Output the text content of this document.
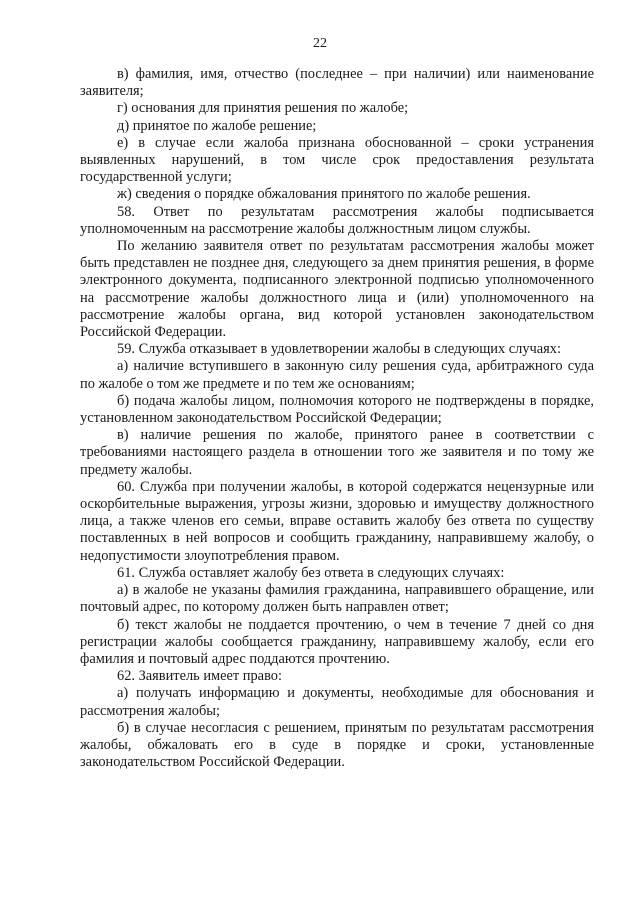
22

в) фамилия, имя, отчество (последнее – при наличии) или наименование заявителя;

г) основания для принятия решения по жалобе;

д) принятое по жалобе решение;

е) в случае если жалоба признана обоснованной – сроки устранения выявленных нарушений, в том числе срок предоставления результата государственной услуги;

ж) сведения о порядке обжалования принятого по жалобе решения.

58. Ответ по результатам рассмотрения жалобы подписывается уполномоченным на рассмотрение жалобы должностным лицом службы.

По желанию заявителя ответ по результатам рассмотрения жалобы может быть представлен не позднее дня, следующего за днем принятия решения, в форме электронного документа, подписанного электронной подписью уполномоченного на рассмотрение жалобы должностного лица и (или) уполномоченного на рассмотрение жалобы органа, вид которой установлен законодательством Российской Федерации.

59. Служба отказывает в удовлетворении жалобы в следующих случаях:

а) наличие вступившего в законную силу решения суда, арбитражного суда по жалобе о том же предмете и по тем же основаниям;

б) подача жалобы лицом, полномочия которого не подтверждены в порядке, установленном законодательством Российской Федерации;

в) наличие решения по жалобе, принятого ранее в соответствии с требованиями настоящего раздела в отношении того же заявителя и по тому же предмету жалобы.

60. Служба при получении жалобы, в которой содержатся нецензурные или оскорбительные выражения, угрозы жизни, здоровью и имуществу должностного лица, а также членов его семьи, вправе оставить жалобу без ответа по существу поставленных в ней вопросов и сообщить гражданину, направившему жалобу, о недопустимости злоупотребления правом.

61. Служба оставляет жалобу без ответа в следующих случаях:

а) в жалобе не указаны фамилия гражданина, направившего обращение, или почтовый адрес, по которому должен быть направлен ответ;

б) текст жалобы не поддается прочтению, о чем в течение 7 дней со дня регистрации жалобы сообщается гражданину, направившему жалобу, если его фамилия и почтовый адрес поддаются прочтению.

62. Заявитель имеет право:

а) получать информацию и документы, необходимые для обоснования и рассмотрения жалобы;

б) в случае несогласия с решением, принятым по результатам рассмотрения жалобы, обжаловать его в суде в порядке и сроки, установленные законодательством Российской Федерации.
